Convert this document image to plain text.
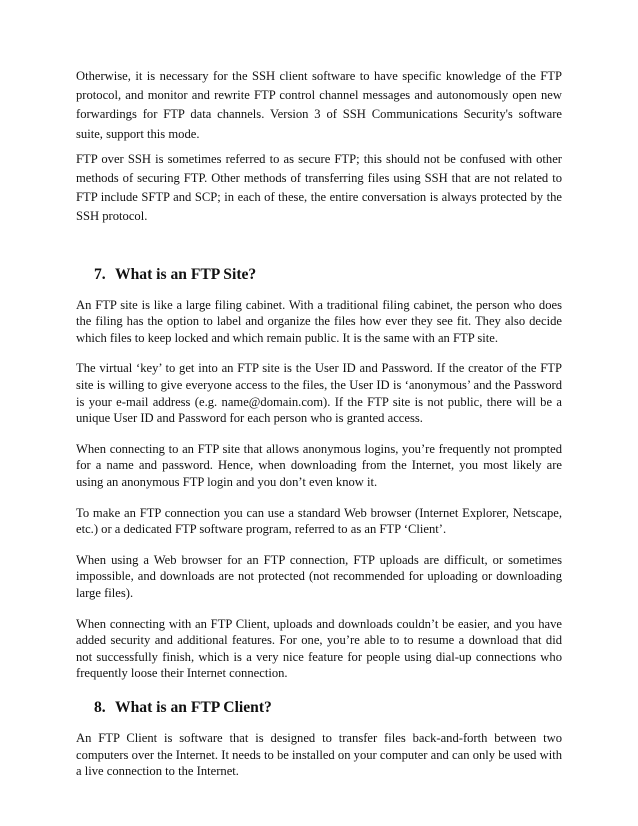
Otherwise, it is necessary for the SSH client software to have specific knowledge of the FTP protocol, and monitor and rewrite FTP control channel messages and autonomously open new forwardings for FTP data channels. Version 3 of SSH Communications Security's software suite, support this mode.

FTP over SSH is sometimes referred to as secure FTP; this should not be confused with other methods of securing FTP. Other methods of transferring files using SSH that are not related to FTP include SFTP and SCP; in each of these, the entire conversation is always protected by the SSH protocol.

7. What is an FTP Site?

An FTP site is like a large filing cabinet. With a traditional filing cabinet, the person who does the filing has the option to label and organize the files how ever they see fit. They also decide which files to keep locked and which remain public. It is the same with an FTP site.

The virtual ‘key’ to get into an FTP site is the User ID and Password. If the creator of the FTP site is willing to give everyone access to the files, the User ID is ‘anonymous’ and the Password is your e-mail address (e.g. name@domain.com). If the FTP site is not public, there will be a unique User ID and Password for each person who is granted access.

When connecting to an FTP site that allows anonymous logins, you’re frequently not prompted for a name and password. Hence, when downloading from the Internet, you most likely are using an anonymous FTP login and you don’t even know it.

To make an FTP connection you can use a standard Web browser (Internet Explorer, Netscape, etc.) or a dedicated FTP software program, referred to as an FTP ‘Client’.

When using a Web browser for an FTP connection, FTP uploads are difficult, or sometimes impossible, and downloads are not protected (not recommended for uploading or downloading large files).

When connecting with an FTP Client, uploads and downloads couldn’t be easier, and you have added security and additional features. For one, you’re able to to resume a download that did not successfully finish, which is a very nice feature for people using dial-up connections who frequently loose their Internet connection.

8. What is an FTP Client?

An FTP Client is software that is designed to transfer files back-and-forth between two computers over the Internet. It needs to be installed on your computer and can only be used with a live connection to the Internet.
